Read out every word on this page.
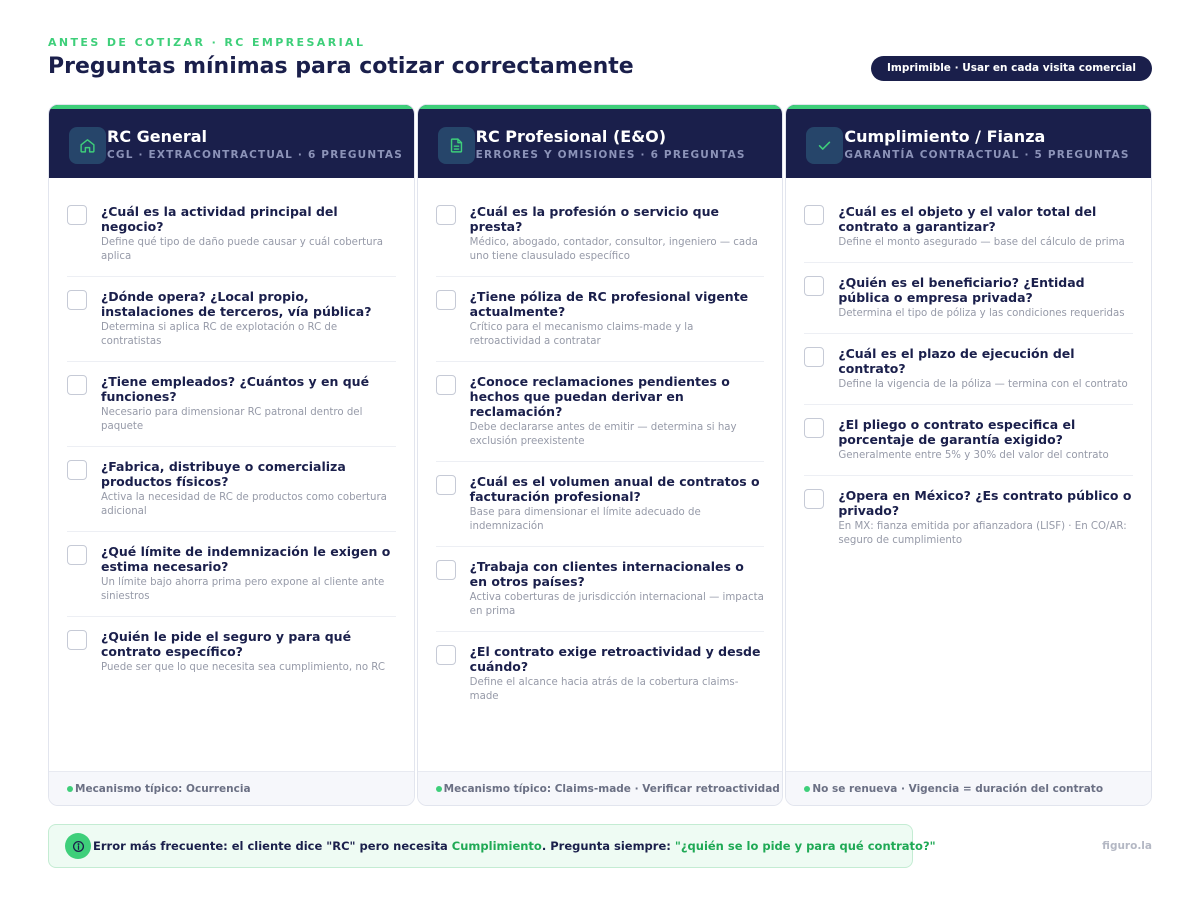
ANTES DE COTIZAR · RC EMPRESARIAL
Preguntas mínimas para cotizar correctamente	Imprimible · Usar en cada visita comercial
RC General
CGL · EXTRACONTRACTUAL · 6 PREGUNTAS
¿Cuál es la actividad principal del negocio?
Define qué tipo de daño puede causar y cuál cobertura aplica
¿Dónde opera? ¿Local propio, instalaciones de terceros, vía pública?
Determina si aplica RC de explotación o RC de contratistas
¿Tiene empleados? ¿Cuántos y en qué funciones?
Necesario para dimensionar RC patronal dentro del paquete
¿Fabrica, distribuye o comercializa productos físicos?
Activa la necesidad de RC de productos como cobertura adicional
¿Qué límite de indemnización le exigen o estima necesario?
Un límite bajo ahorra prima pero expone al cliente ante siniestros
¿Quién le pide el seguro y para qué contrato específico?
Puede ser que lo que necesita sea cumplimiento, no RC
Mecanismo típico: Ocurrencia
RC Profesional (E&O)
ERRORES Y OMISIONES · 6 PREGUNTAS
¿Cuál es la profesión o servicio que presta?
Médico, abogado, contador, consultor, ingeniero — cada uno tiene clausulado específico
¿Tiene póliza de RC profesional vigente actualmente?
Crítico para el mecanismo claims-made y la retroactividad a contratar
¿Conoce reclamaciones pendientes o hechos que puedan derivar en reclamación?
Debe declararse antes de emitir — determina si hay exclusión preexistente
¿Cuál es el volumen anual de contratos o facturación profesional?
Base para dimensionar el límite adecuado de indemnización
¿Trabaja con clientes internacionales o en otros países?
Activa coberturas de jurisdicción internacional — impacta en prima
¿El contrato exige retroactividad y desde cuándo?
Define el alcance hacia atrás de la cobertura claims-made
Mecanismo típico: Claims-made · Verificar retroactividad
Cumplimiento / Fianza
GARANTÍA CONTRACTUAL · 5 PREGUNTAS
¿Cuál es el objeto y el valor total del contrato a garantizar?
Define el monto asegurado — base del cálculo de prima
¿Quién es el beneficiario? ¿Entidad pública o empresa privada?
Determina el tipo de póliza y las condiciones requeridas
¿Cuál es el plazo de ejecución del contrato?
Define la vigencia de la póliza — termina con el contrato
¿El pliego o contrato especifica el porcentaje de garantía exigido?
Generalmente entre 5% y 30% del valor del contrato
¿Opera en México? ¿Es contrato público o privado?
En MX: fianza emitida por afianzadora (LISF) · En CO/AR: seguro de cumplimiento
No se renueva · Vigencia = duración del contrato
Error más frecuente: el cliente dice "RC" pero necesita Cumplimiento. Pregunta siempre: "¿quién se lo pide y para qué contrato?"	figuro.la
